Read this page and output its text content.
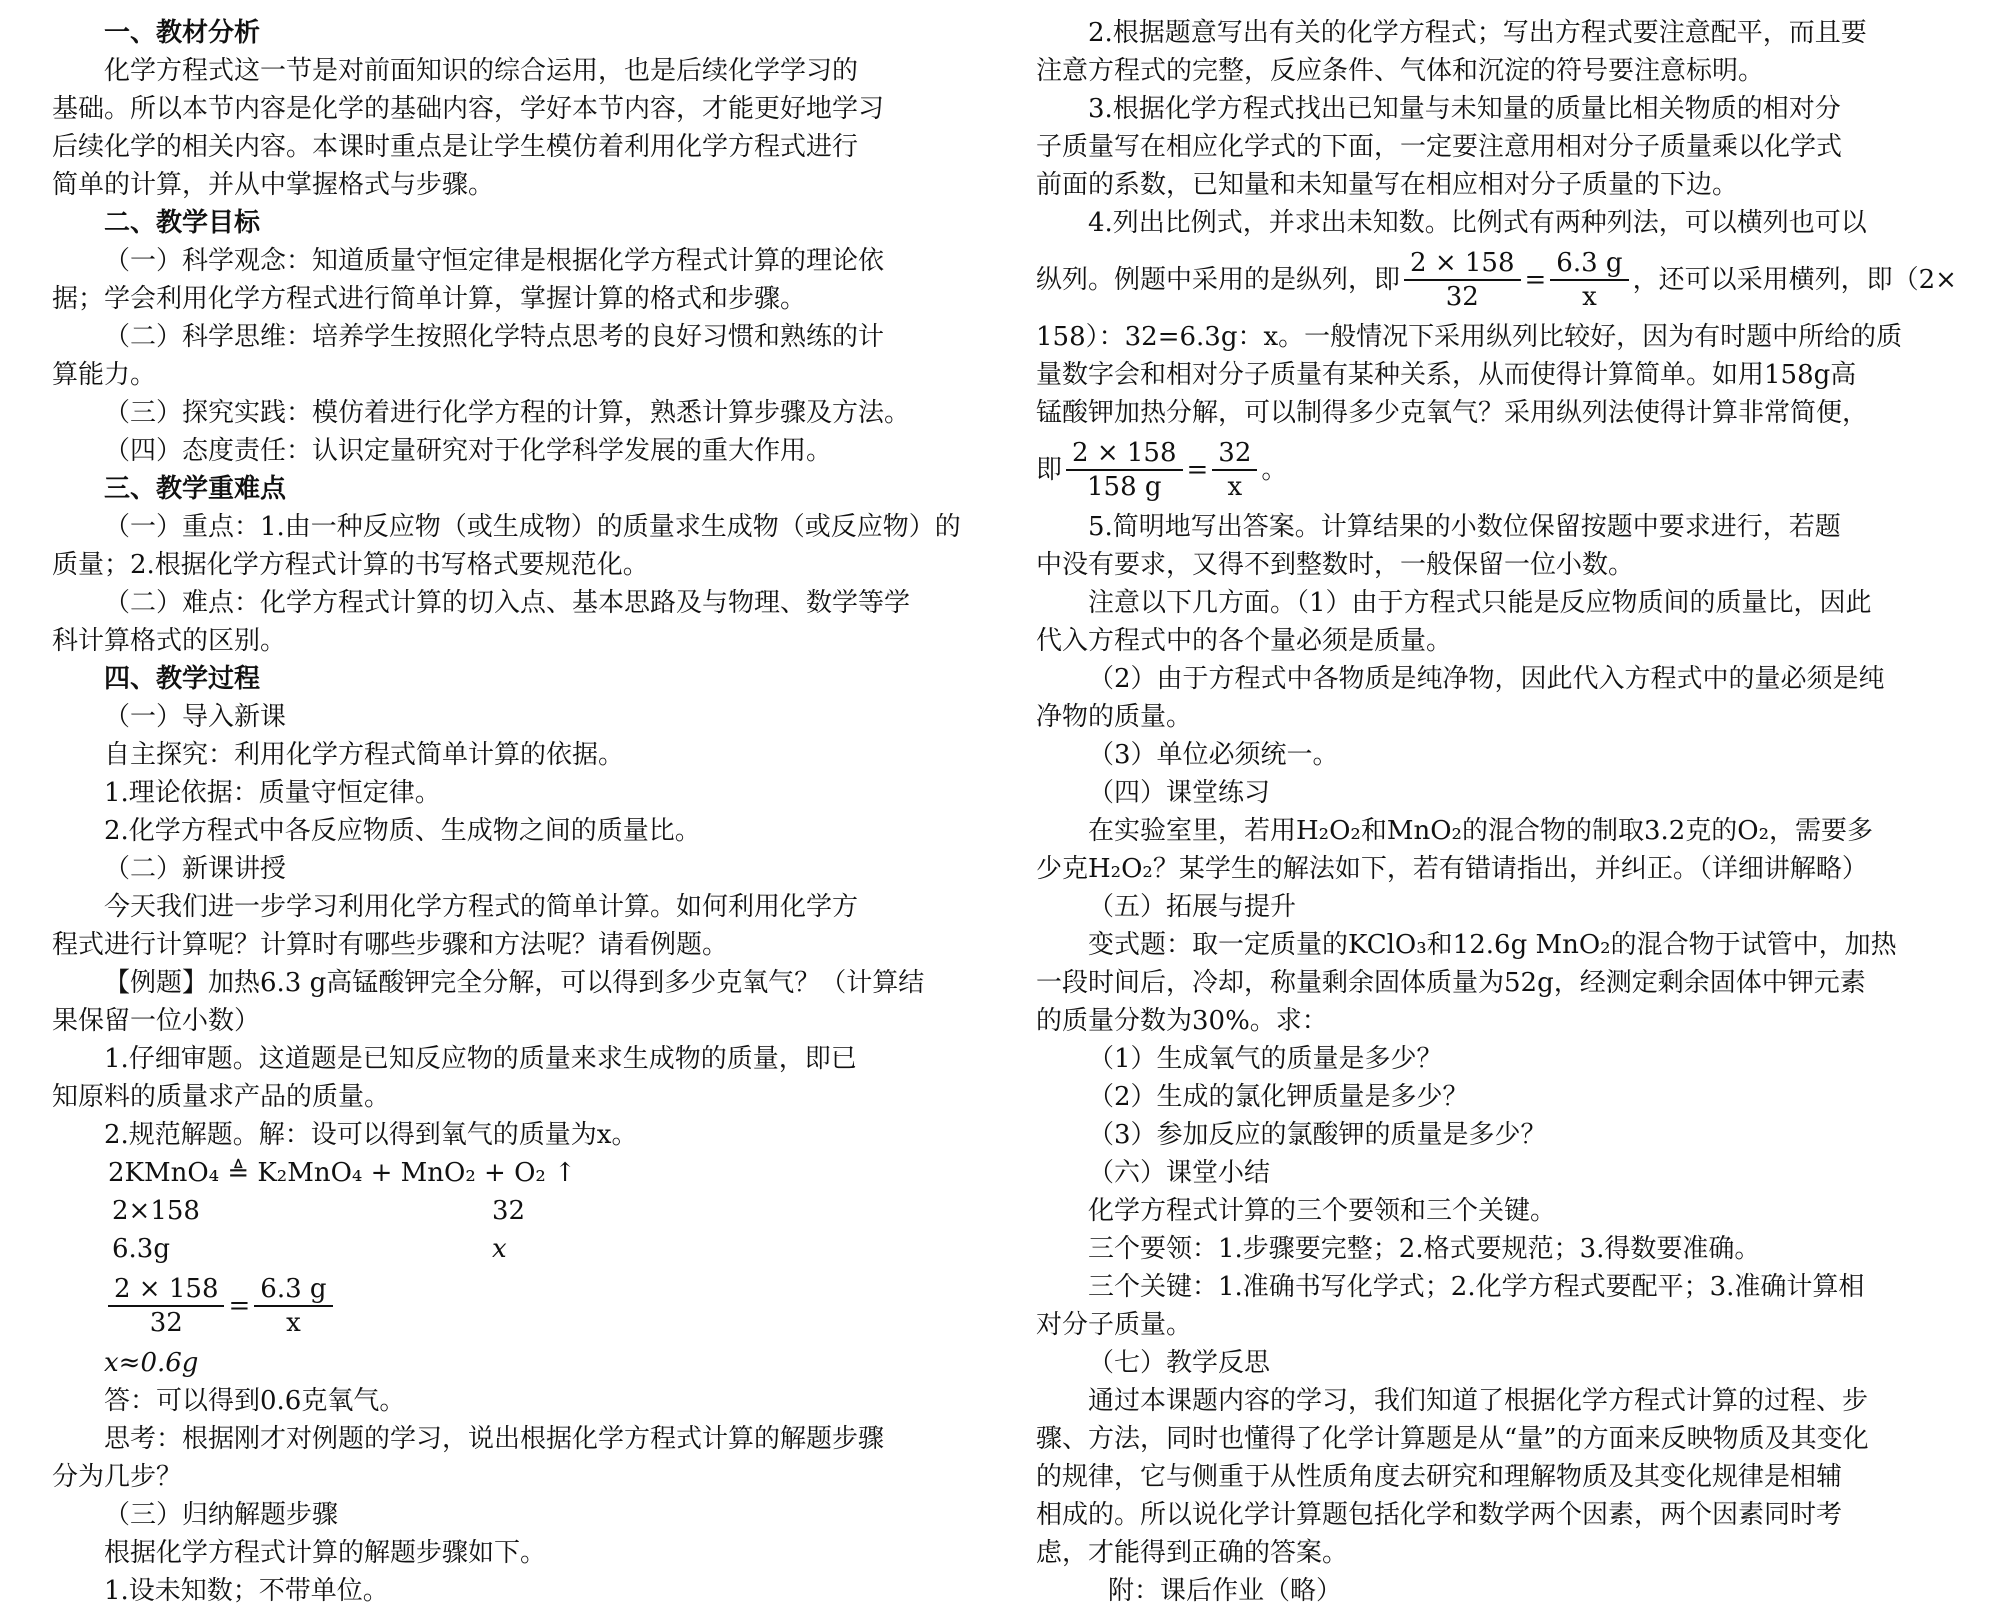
一、教材分析
化学方程式这一节是对前面知识的综合运用，也是后续化学学习的
基础。所以本节内容是化学的基础内容，学好本节内容，才能更好地学习
后续化学的相关内容。本课时重点是让学生模仿着利用化学方程式进行
简单的计算，并从中掌握格式与步骤。
二、教学目标
（一）科学观念：知道质量守恒定律是根据化学方程式计算的理论依
据；学会利用化学方程式进行简单计算，掌握计算的格式和步骤。
（二）科学思维：培养学生按照化学特点思考的良好习惯和熟练的计
算能力。
（三）探究实践：模仿着进行化学方程的计算，熟悉计算步骤及方法。
（四）态度责任：认识定量研究对于化学科学发展的重大作用。
三、教学重难点
（一）重点：1.由一种反应物（或生成物）的质量求生成物（或反应物）的
质量；2.根据化学方程式计算的书写格式要规范化。
（二）难点：化学方程式计算的切入点、基本思路及与物理、数学等学
科计算格式的区别。
四、教学过程
（一）导入新课
自主探究：利用化学方程式简单计算的依据。
1.理论依据：质量守恒定律。
2.化学方程式中各反应物质、生成物之间的质量比。
（二）新课讲授
今天我们进一步学习利用化学方程式的简单计算。如何利用化学方
程式进行计算呢？计算时有哪些步骤和方法呢？请看例题。
【例题】加热6.3 g高锰酸钾完全分解，可以得到多少克氧气？（计算结
果保留一位小数）
1.仔细审题。这道题是已知反应物的质量来求生成物的质量，即已
知原料的质量求产品的质量。
2.规范解题。解：设可以得到氧气的质量为x。
2KMnO₄ ≜ K₂MnO₄ + MnO₂ + O₂ ↑
2×158	32
6.3g	x
$\frac{2 \times 158}{32} = \frac{6.3 g}{x}$
x≈0.6g
答：可以得到0.6克氧气。
思考：根据刚才对例题的学习，说出根据化学方程式计算的解题步骤
分为几步？
（三）归纳解题步骤
根据化学方程式计算的解题步骤如下。
1.设未知数；不带单位。
2.根据题意写出有关的化学方程式；写出方程式要注意配平，而且要
注意方程式的完整，反应条件、气体和沉淀的符号要注意标明。
3.根据化学方程式找出已知量与未知量的质量比相关物质的相对分
子质量写在相应化学式的下面，一定要注意用相对分子质量乘以化学式
前面的系数，已知量和未知量写在相应相对分子质量的下边。
4.列出比例式，并求出未知数。比例式有两种列法，可以横列也可以
纵列。例题中采用的是纵列，即 $\frac{2 \times 158}{32} = \frac{6.3 g}{x}$ ，还可以采用横列，即（2×
158）：32=6.3g：x。一般情况下采用纵列比较好，因为有时题中所给的质
量数字会和相对分子质量有某种关系，从而使得计算简单。如用158g高
锰酸钾加热分解，可以制得多少克氧气？采用纵列法使得计算非常简便，
即 $\frac{2 \times 158}{158 g} = \frac{32}{x}$ 。
5.简明地写出答案。计算结果的小数位保留按题中要求进行，若题
中没有要求，又得不到整数时，一般保留一位小数。
注意以下几方面。（1）由于方程式只能是反应物质间的质量比，因此
代入方程式中的各个量必须是质量。
（2）由于方程式中各物质是纯净物，因此代入方程式中的量必须是纯
净物的质量。
（3）单位必须统一。
（四）课堂练习
在实验室里，若用H₂O₂和MnO₂的混合物的制取3.2克的O₂，需要多
少克H₂O₂？某学生的解法如下，若有错请指出，并纠正。（详细讲解略）
（五）拓展与提升
变式题：取一定质量的KClO₃和12.6g MnO₂的混合物于试管中，加热
一段时间后，冷却，称量剩余固体质量为52g，经测定剩余固体中钾元素
的质量分数为30%。求：
（1）生成氧气的质量是多少？
（2）生成的氯化钾质量是多少？
（3）参加反应的氯酸钾的质量是多少？
（六）课堂小结
化学方程式计算的三个要领和三个关键。
三个要领：1.步骤要完整；2.格式要规范；3.得数要准确。
三个关键：1.准确书写化学式；2.化学方程式要配平；3.准确计算相
对分子质量。
（七）教学反思
通过本课题内容的学习，我们知道了根据化学方程式计算的过程、步
骤、方法，同时也懂得了化学计算题是从“量”的方面来反映物质及其变化
的规律，它与侧重于从性质角度去研究和理解物质及其变化规律是相辅
相成的。所以说化学计算题包括化学和数学两个因素，两个因素同时考
虑，才能得到正确的答案。
附：课后作业（略）
